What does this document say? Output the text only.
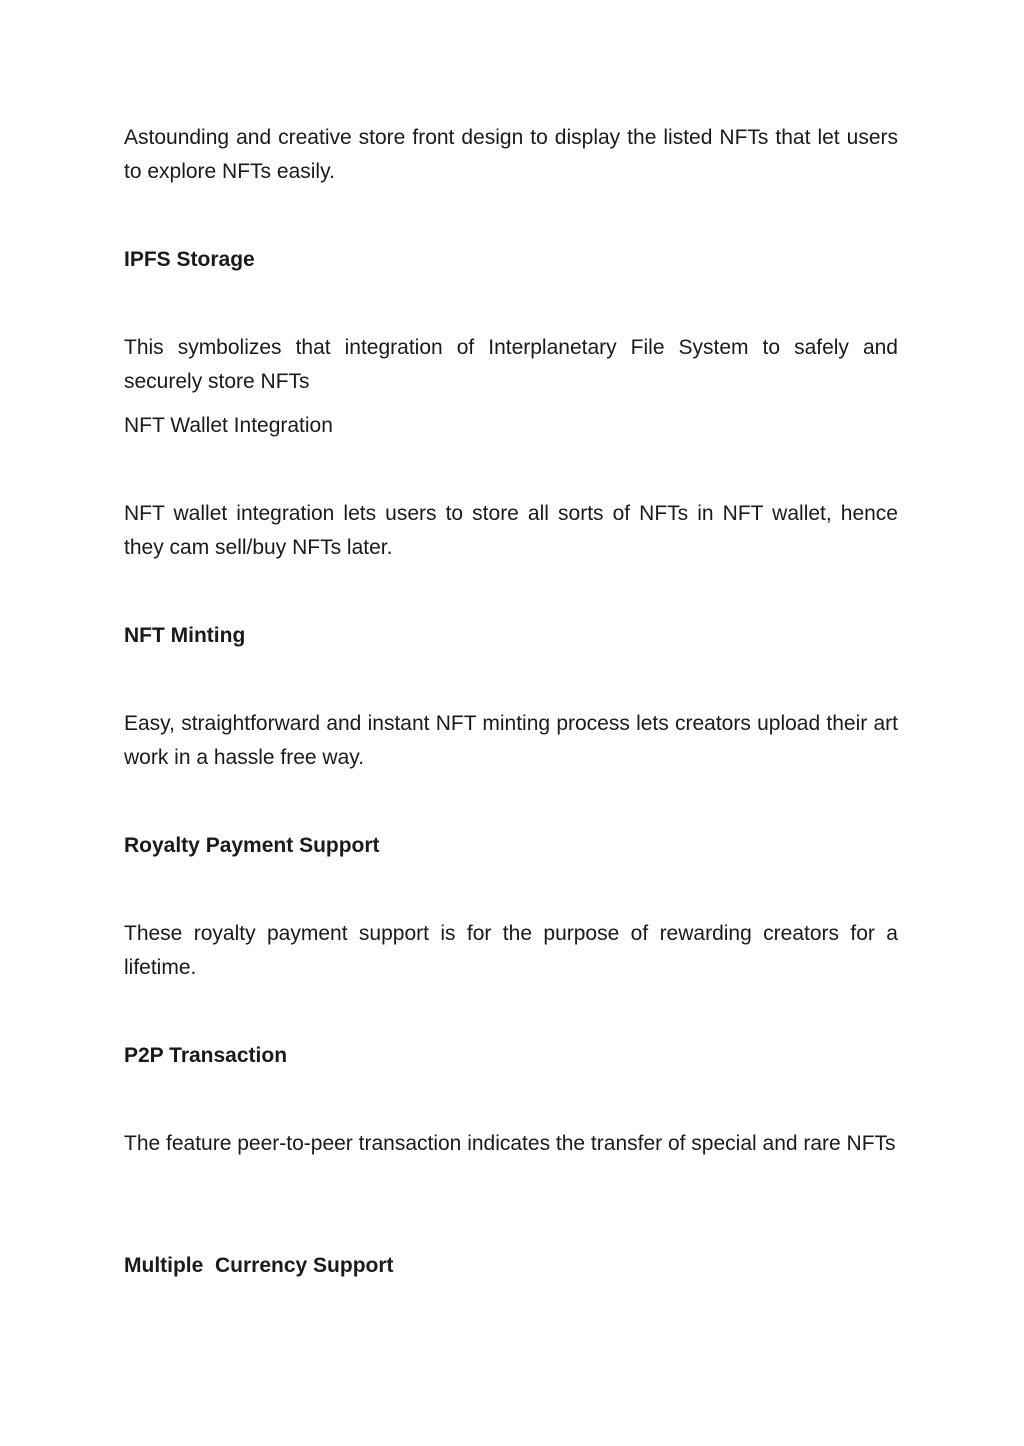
Astounding and creative store front design to display the listed NFTs that let users to explore NFTs easily.

IPFS Storage

This symbolizes that integration of Interplanetary File System to safely and securely store NFTs

NFT Wallet Integration

NFT wallet integration lets users to store all sorts of NFTs in NFT wallet, hence they cam sell/buy NFTs later.

NFT Minting

Easy, straightforward and instant NFT minting process lets creators upload their art work in a hassle free way.

Royalty Payment Support

These royalty payment support is for the purpose of rewarding creators for a lifetime.

P2P Transaction

The feature peer-to-peer transaction indicates the transfer of special and rare NFTs

Multiple  Currency Support
